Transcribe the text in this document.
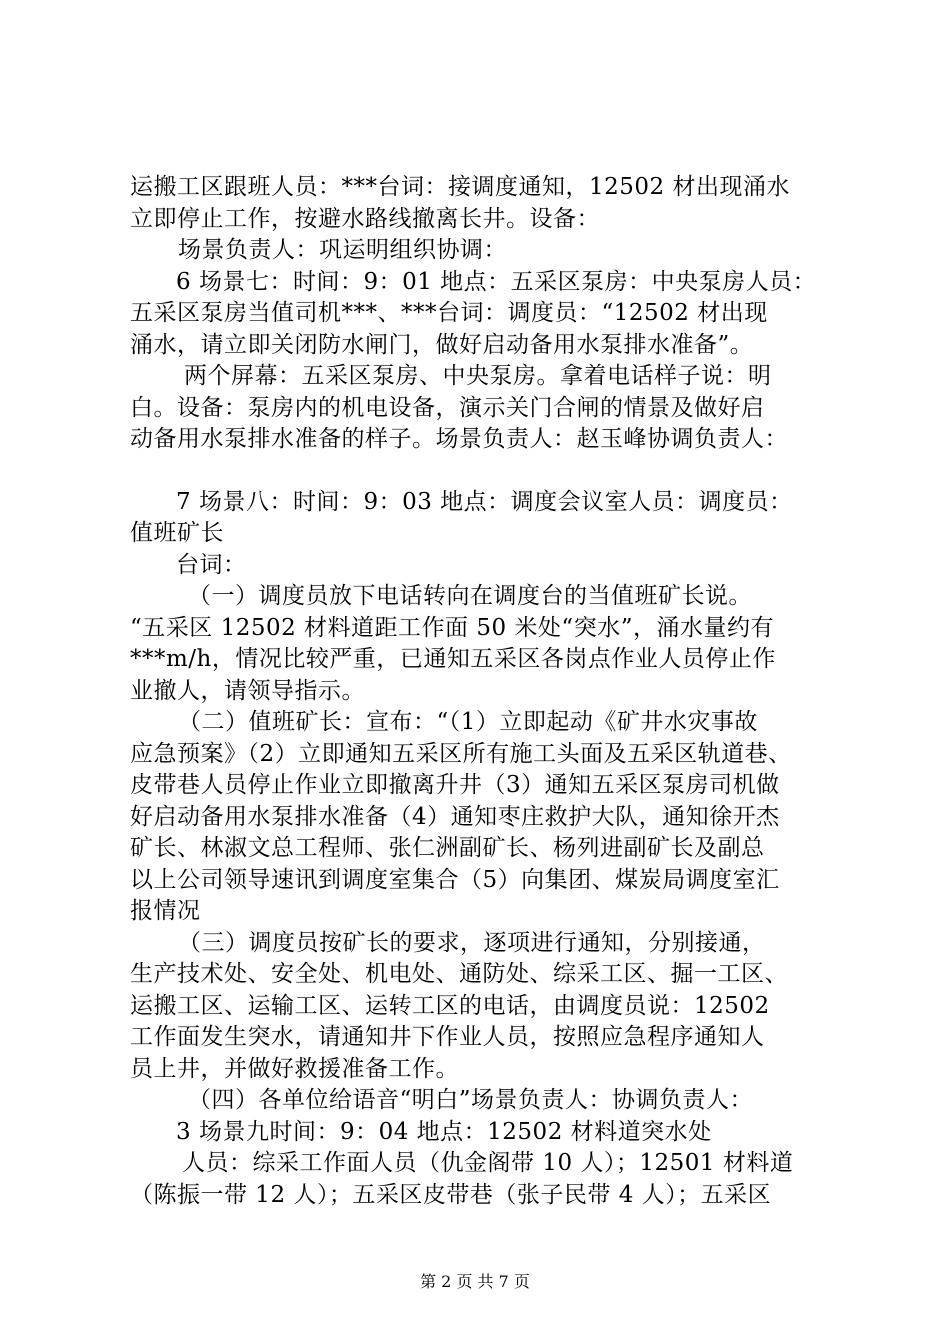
运搬工区跟班人员：***台词：接调度通知，12502 材出现涌水
立即停止工作，按避水路线撤离长井。设备：
场景负责人：巩运明组织协调：
6 场景七：时间：9：01 地点：五采区泵房：中央泵房人员：
五采区泵房当值司机***、***台词：调度员：“12502 材出现
涌水，请立即关闭防水闸门，做好启动备用水泵排水准备”。
两个屏幕：五采区泵房、中央泵房。拿着电话样子说：明
白。设备：泵房内的机电设备，演示关门合闸的情景及做好启
动备用水泵排水准备的样子。场景负责人：赵玉峰协调负责人：
7 场景八：时间：9：03 地点：调度会议室人员：调度员：
值班矿长
台词：
（一）调度员放下电话转向在调度台的当值班矿长说。
“五采区 12502 材料道距工作面 50 米处“突水”，涌水量约有
***m/h，情况比较严重，已通知五采区各岗点作业人员停止作
业撤人，请领导指示。
（二）值班矿长：宣布：“（1）立即起动《矿井水灾事故
应急预案》（2）立即通知五采区所有施工头面及五采区轨道巷、
皮带巷人员停止作业立即撤离升井（3）通知五采区泵房司机做
好启动备用水泵排水准备（4）通知枣庄救护大队，通知徐开杰
矿长、林淑文总工程师、张仁洲副矿长、杨列进副矿长及副总
以上公司领导速讯到调度室集合（5）向集团、煤炭局调度室汇
报情况
（三）调度员按矿长的要求，逐项进行通知，分别接通，
生产技术处、安全处、机电处、通防处、综采工区、掘一工区、
运搬工区、运输工区、运转工区的电话，由调度员说：12502
工作面发生突水，请通知井下作业人员，按照应急程序通知人
员上井，并做好救援准备工作。
（四）各单位给语音“明白”场景负责人：协调负责人：
3 场景九时间：9：04 地点：12502 材料道突水处
人员：综采工作面人员（仇金阁带 10 人）；12501 材料道
（陈振一带 12 人）；五采区皮带巷（张子民带 4 人）；五采区
第 2 页 共 7 页
